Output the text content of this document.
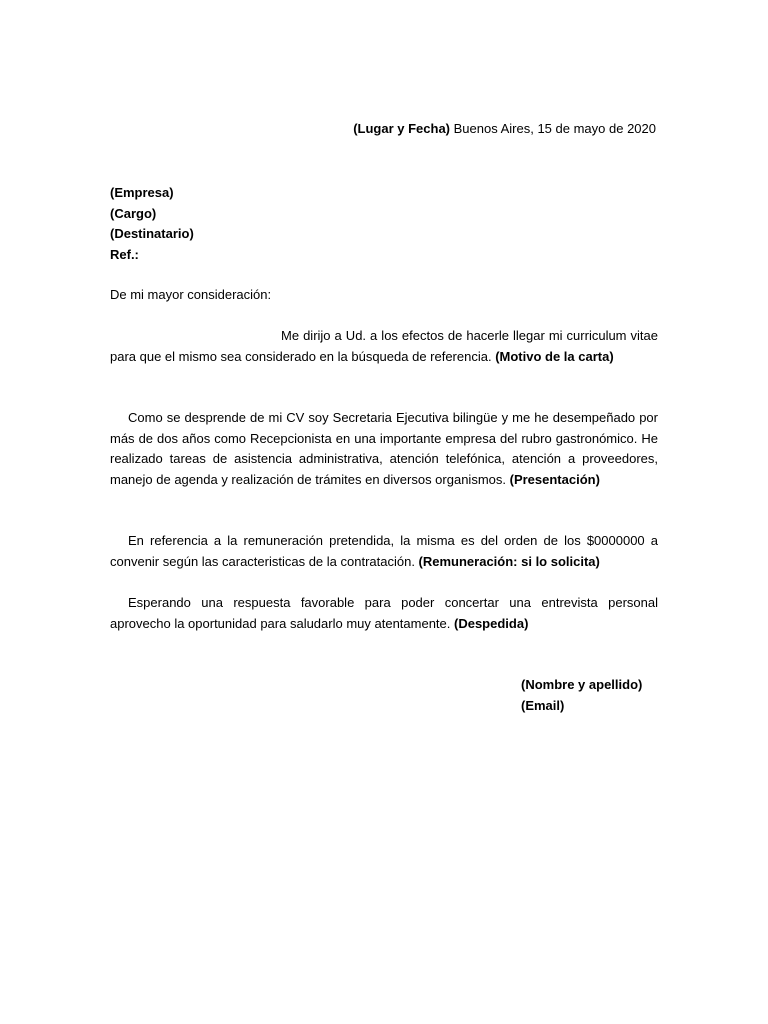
(Lugar y Fecha) Buenos Aires, 15 de mayo de 2020
(Empresa)
(Cargo)
(Destinatario)
Ref.:
De mi mayor consideración:
Me dirijo a Ud. a los efectos de hacerle llegar mi curriculum vitae para que el mismo sea considerado en la búsqueda de referencia. (Motivo de la carta)
Como se desprende de mi CV soy Secretaria Ejecutiva bilingüe y me he desempeñado por más de dos años como Recepcionista en una importante empresa del rubro gastronómico. He realizado tareas de asistencia administrativa, atención telefónica, atención a proveedores, manejo de agenda y realización de trámites en diversos organismos. (Presentación)
En referencia a la remuneración pretendida, la misma es del orden de los $0000000 a convenir según las caracteristicas de la contratación. (Remuneración: si lo solicita)
Esperando una respuesta favorable para poder concertar una entrevista personal aprovecho la oportunidad para saludarlo muy atentamente. (Despedida)
(Nombre y apellido)
(Email)
